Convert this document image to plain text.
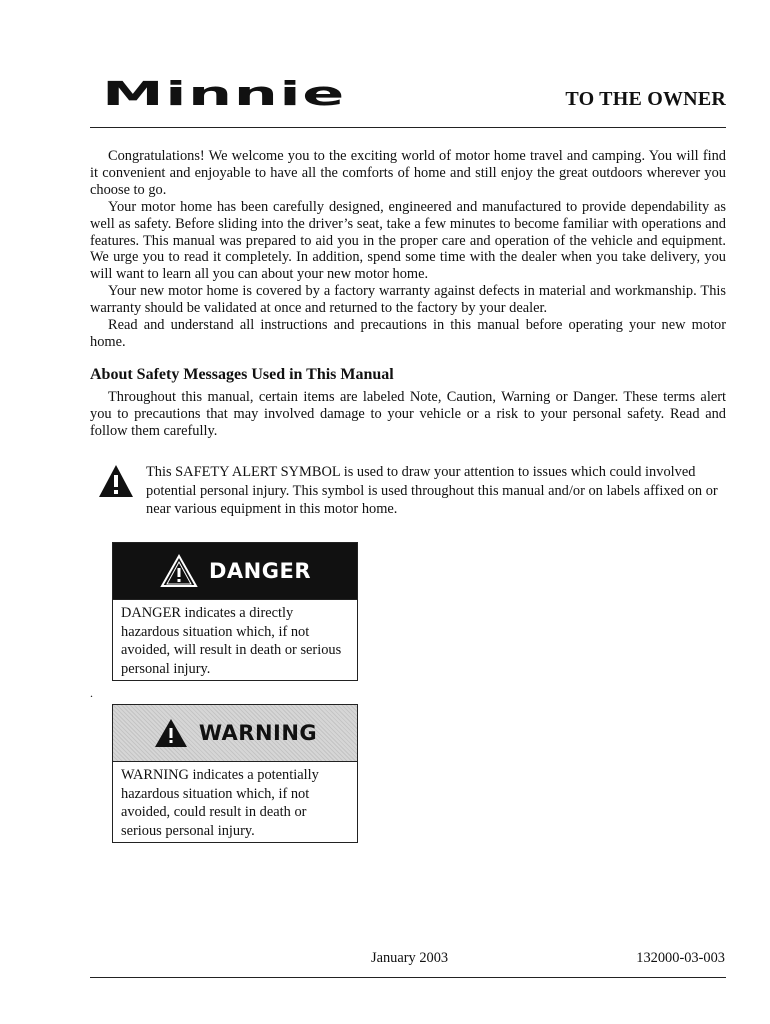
Minnie	TO THE OWNER

Congratulations! We welcome you to the exciting world of motor home travel and camping. You will find it convenient and enjoyable to have all the comforts of home and still enjoy the great outdoors wherever you choose to go.

Your motor home has been carefully designed, engineered and manufactured to provide dependability as well as safety. Before sliding into the driver’s seat, take a few minutes to become familiar with operations and features. This manual was prepared to aid you in the proper care and operation of the vehicle and equipment. We urge you to read it completely. In addition, spend some time with the dealer when you take delivery, you will want to learn all you can about your new motor home.

Your new motor home is covered by a factory warranty against defects in material and workmanship. This warranty should be validated at once and returned to the factory by your dealer.

Read and understand all instructions and precautions in this manual before operating your new motor home.

About Safety Messages Used in This Manual

Throughout this manual, certain items are labeled Note, Caution, Warning or Danger. These terms alert you to precautions that may involved damage to your vehicle or a risk to your personal safety. Read and follow them carefully.

This SAFETY ALERT SYMBOL is used to draw your attention to issues which could involved potential personal injury. This symbol is used throughout this manual and/or on labels affixed on or near various equipment in this motor home.
DANGER
DANGER indicates a directly hazardous situation which, if not avoided, will result in death or serious personal injury.
.
WARNING
WARNING indicates a potentially hazardous situation which, if not avoided, could result in death or serious personal injury.
January 2003	132000-03-003
